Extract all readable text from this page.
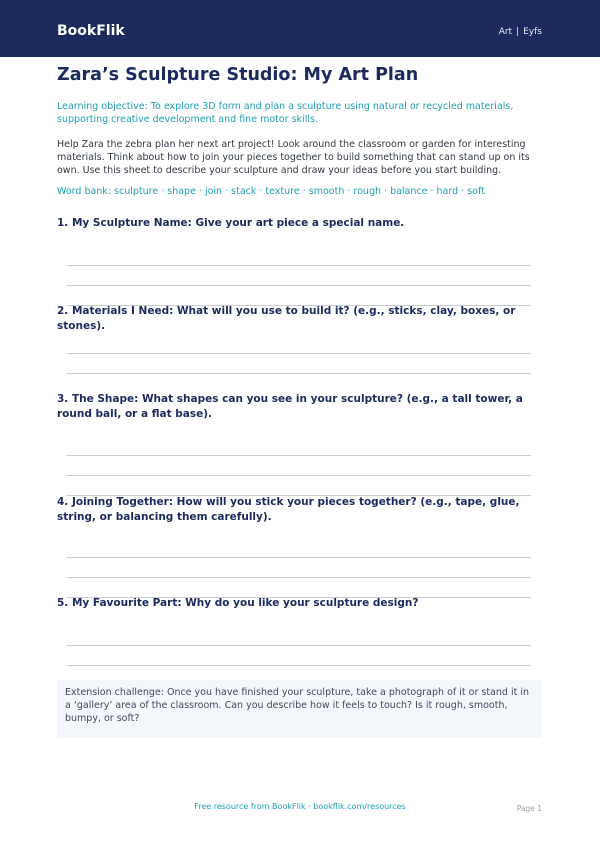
BookFlik	Art | Eyfs
Zara’s Sculpture Studio: My Art Plan

Learning objective: To explore 3D form and plan a sculpture using natural or recycled materials, supporting creative development and fine motor skills.

Help Zara the zebra plan her next art project! Look around the classroom or garden for interesting materials. Think about how to join your pieces together to build something that can stand up on its own. Use this sheet to describe your sculpture and draw your ideas before you start building.

Word bank: sculpture · shape · join · stack · texture · smooth · rough · balance · hard · soft

1. My Sculpture Name: Give your art piece a special name.

2. Materials I Need: What will you use to build it? (e.g., sticks, clay, boxes, or stones).

3. The Shape: What shapes can you see in your sculpture? (e.g., a tall tower, a round ball, or a flat base).

4. Joining Together: How will you stick your pieces together? (e.g., tape, glue, string, or balancing them carefully).

5. My Favourite Part: Why do you like your sculpture design?

Extension challenge: Once you have finished your sculpture, take a photograph of it or stand it in a ‘gallery’ area of the classroom. Can you describe how it feels to touch? Is it rough, smooth, bumpy, or soft?

Free resource from BookFlik · bookflik.com/resources	Page 1
